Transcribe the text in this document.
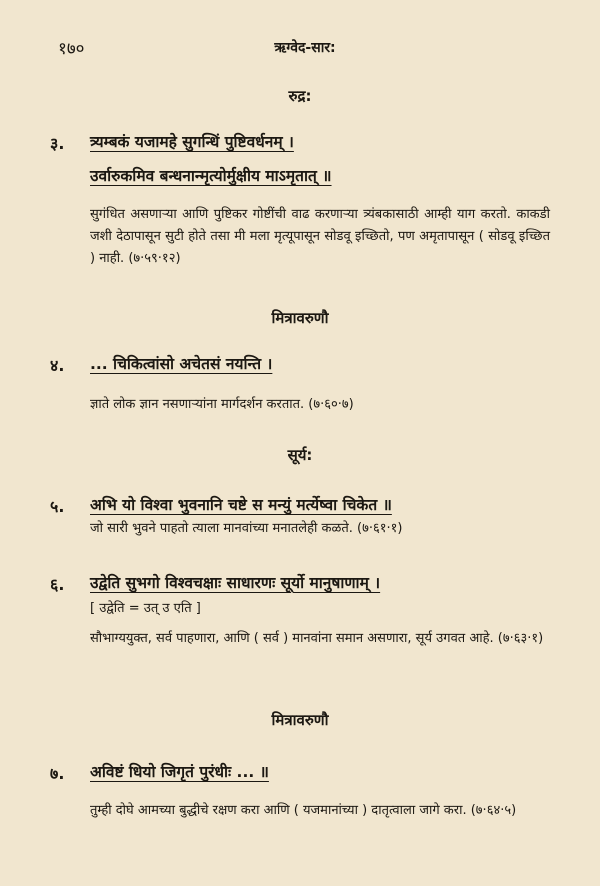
१७०	ऋग्वेद-सार:
रुद्र:
३. त्र्यम्बकं यजामहे सुगन्धिं पुष्टिवर्धनम् ।
उर्वारुकमिव बन्धनान्मृत्योर्मुक्षीय माऽमृतात् ॥
सुगंधित असणाऱ्या आणि पुष्टिकर गोष्टींची वाढ करणाऱ्या त्र्यंबकासाठी आम्ही याग करतो. काकडी जशी देठापासून सुटी होते तसा मी मला मृत्यूपासून सोडवू इच्छितो, पण अमृतापासून ( सोडवू इच्छित ) नाही. (७·५९·१२)
मित्रावरुणौ
४. ... चिकित्वांसो अचेतसं नयन्ति ।
ज्ञाते लोक ज्ञान नसणाऱ्यांना मार्गदर्शन करतात. (७·६०·७)
सूर्य:
५. अभि यो विश्वा भुवनानि चष्टे स मन्युं मर्त्येष्वा चिकेत ॥
जो सारी भुवने पाहतो त्याला मानवांच्या मनातलेही कळते. (७·६१·१)
६. उद्वेति सुभगो विश्वचक्षाः साधारणः सूर्यो मानुषाणाम् ।
[ उद्वेति = उत् उ एति ]
सौभाग्ययुक्त, सर्व पाहणारा, आणि ( सर्व ) मानवांना समान असणारा, सूर्य उगवत आहे. (७·६३·१)
मित्रावरुणौ
७. अविष्टं धियो जिगृतं पुरंधीः ... ॥
तुम्ही दोघे आमच्या बुद्धीचे रक्षण करा आणि ( यजमानांच्या ) दातृत्वाला जागे करा. (७·६४·५)
